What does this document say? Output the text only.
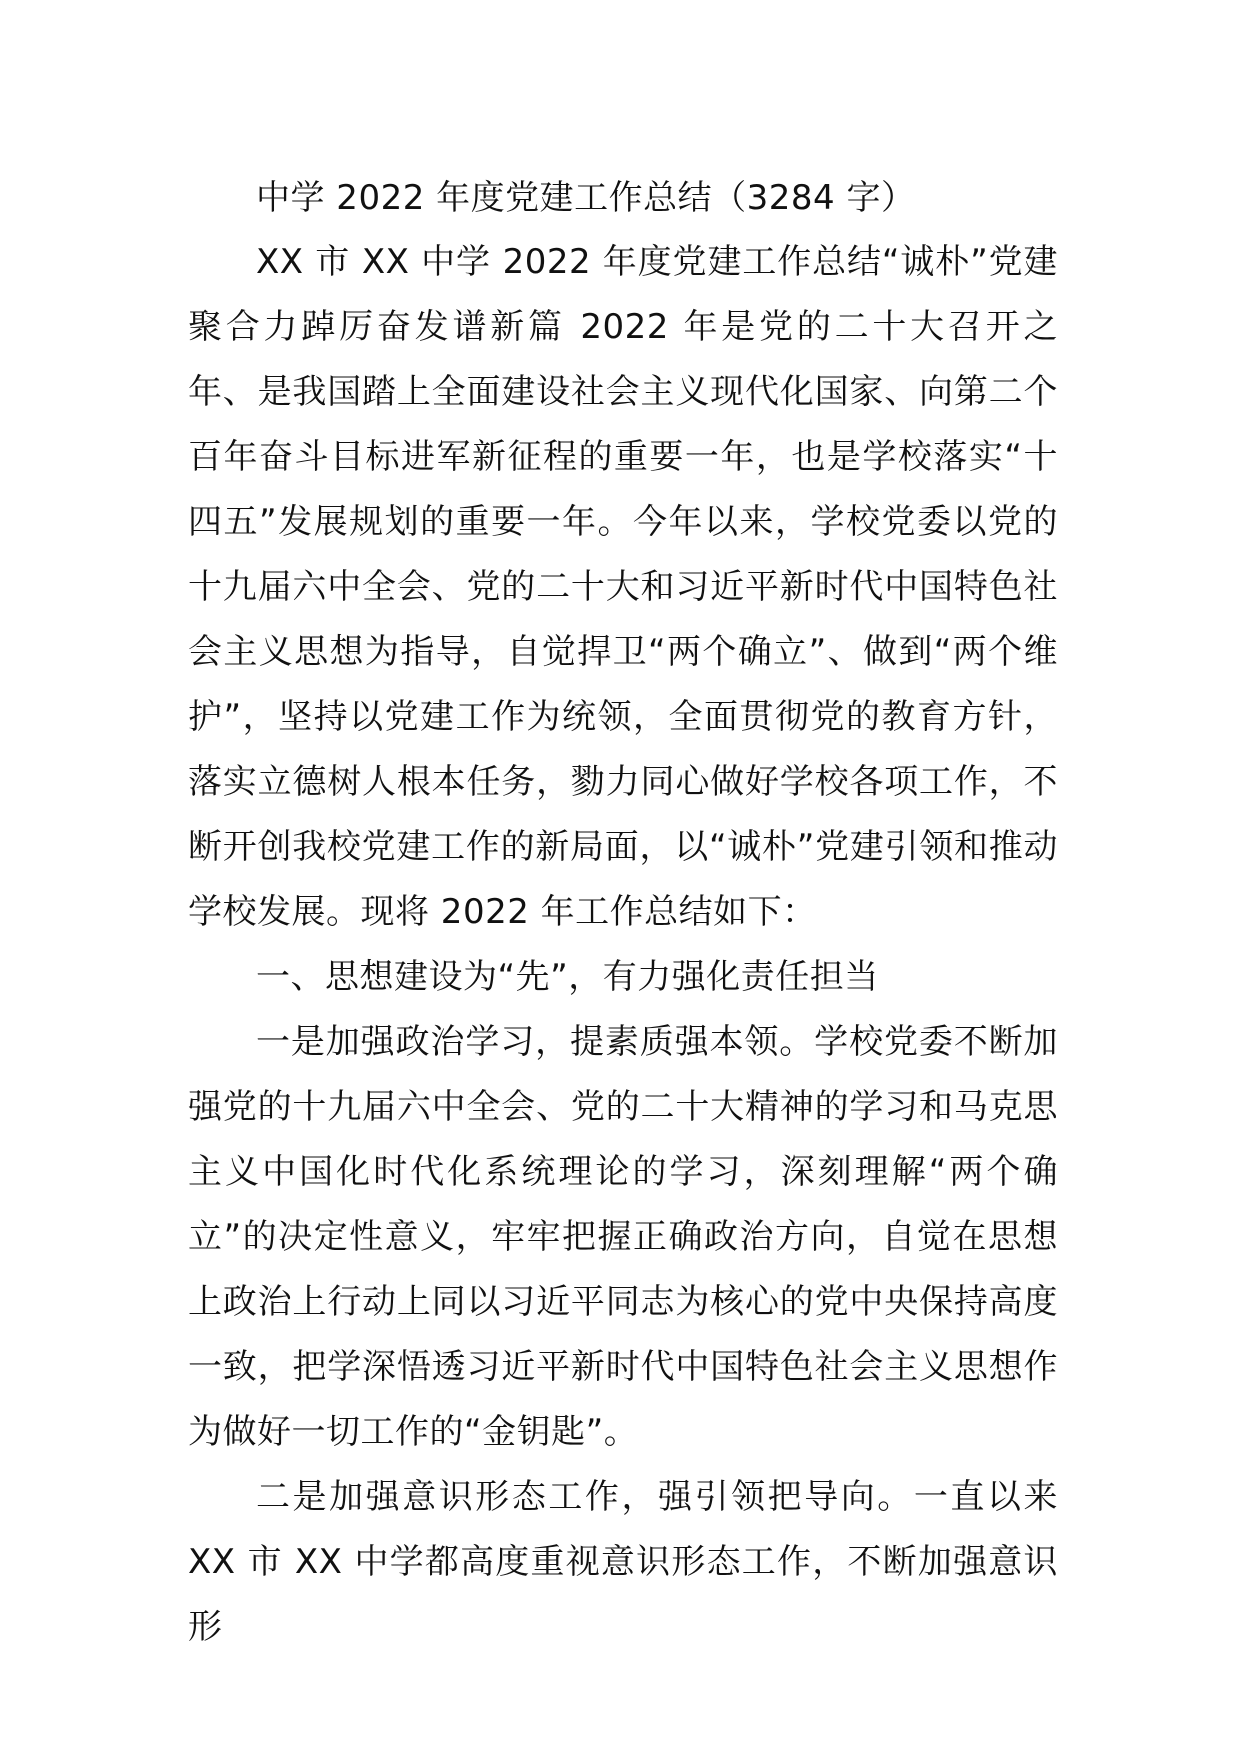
中学 2022 年度党建工作总结（3284 字）

XX 市 XX 中学 2022 年度党建工作总结“诚朴”党建聚合力踔厉奋发谱新篇 2022 年是党的二十大召开之年、是我国踏上全面建设社会主义现代化国家、向第二个百年奋斗目标进军新征程的重要一年，也是学校落实“十四五”发展规划的重要一年。今年以来，学校党委以党的十九届六中全会、党的二十大和习近平新时代中国特色社会主义思想为指导，自觉捍卫“两个确立”、做到“两个维护”，坚持以党建工作为统领，全面贯彻党的教育方针，落实立德树人根本任务，勠力同心做好学校各项工作，不断开创我校党建工作的新局面，以“诚朴”党建引领和推动学校发展。现将 2022 年工作总结如下：

一、思想建设为“先”，有力强化责任担当

一是加强政治学习，提素质强本领。学校党委不断加强党的十九届六中全会、党的二十大精神的学习和马克思主义中国化时代化系统理论的学习，深刻理解“两个确立”的决定性意义，牢牢把握正确政治方向，自觉在思想上政治上行动上同以习近平同志为核心的党中央保持高度一致，把学深悟透习近平新时代中国特色社会主义思想作为做好一切工作的“金钥匙”。

二是加强意识形态工作，强引领把导向。一直以来 XX 市 XX 中学都高度重视意识形态工作，不断加强意识形
